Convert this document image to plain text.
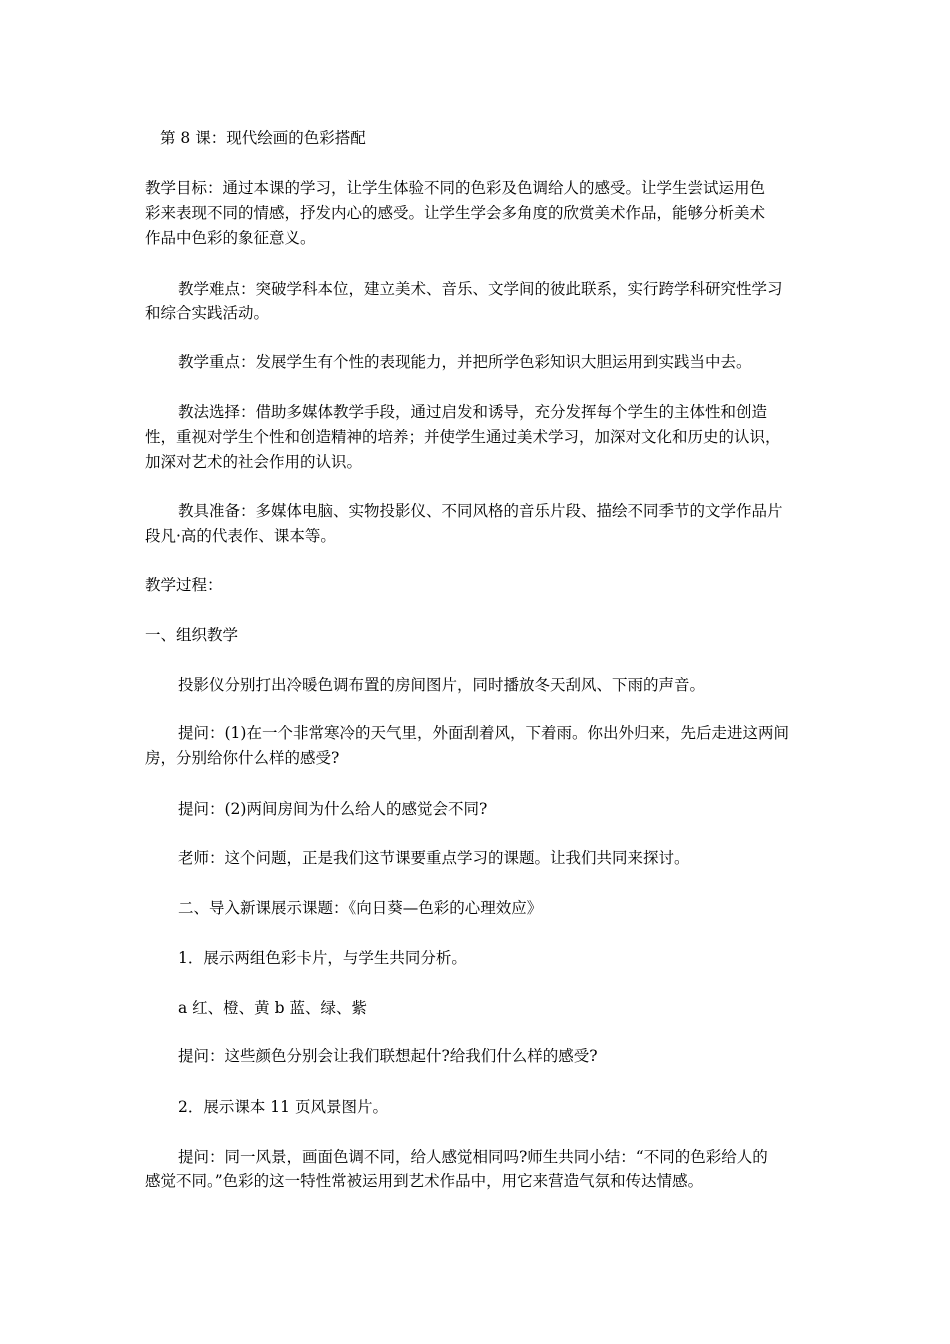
第 8 课：现代绘画的色彩搭配
教学目标：通过本课的学习，让学生体验不同的色彩及色调给人的感受。让学生尝试运用色
彩来表现不同的情感，抒发内心的感受。让学生学会多角度的欣赏美术作品，能够分析美术
作品中色彩的象征意义。
教学难点：突破学科本位，建立美术、音乐、文学间的彼此联系，实行跨学科研究性学习
和综合实践活动。
教学重点：发展学生有个性的表现能力，并把所学色彩知识大胆运用到实践当中去。
教法选择：借助多媒体教学手段，通过启发和诱导，充分发挥每个学生的主体性和创造
性，重视对学生个性和创造精神的培养；并使学生通过美术学习，加深对文化和历史的认识，
加深对艺术的社会作用的认识。
教具准备：多媒体电脑、实物投影仪、不同风格的音乐片段、描绘不同季节的文学作品片
段凡·高的代表作、课本等。
教学过程：
一、组织教学
投影仪分别打出冷暖色调布置的房间图片，同时播放冬天刮风、下雨的声音。
提问：(1)在一个非常寒冷的天气里，外面刮着风，下着雨。你出外归来，先后走进这两间
房，分别给你什么样的感受?
提问：(2)两间房间为什么给人的感觉会不同?
老师：这个问题，正是我们这节课要重点学习的课题。让我们共同来探讨。
二、导入新课展示课题：《向日葵—色彩的心理效应》
1．展示两组色彩卡片，与学生共同分析。
a 红、橙、黄 b 蓝、绿、紫
提问：这些颜色分别会让我们联想起什?给我们什么样的感受?
2．展示课本 11 页风景图片。
提问：同一风景，画面色调不同，给人感觉相同吗?师生共同小结：“不同的色彩给人的
感觉不同。”色彩的这一特性常被运用到艺术作品中，用它来营造气氛和传达情感。
